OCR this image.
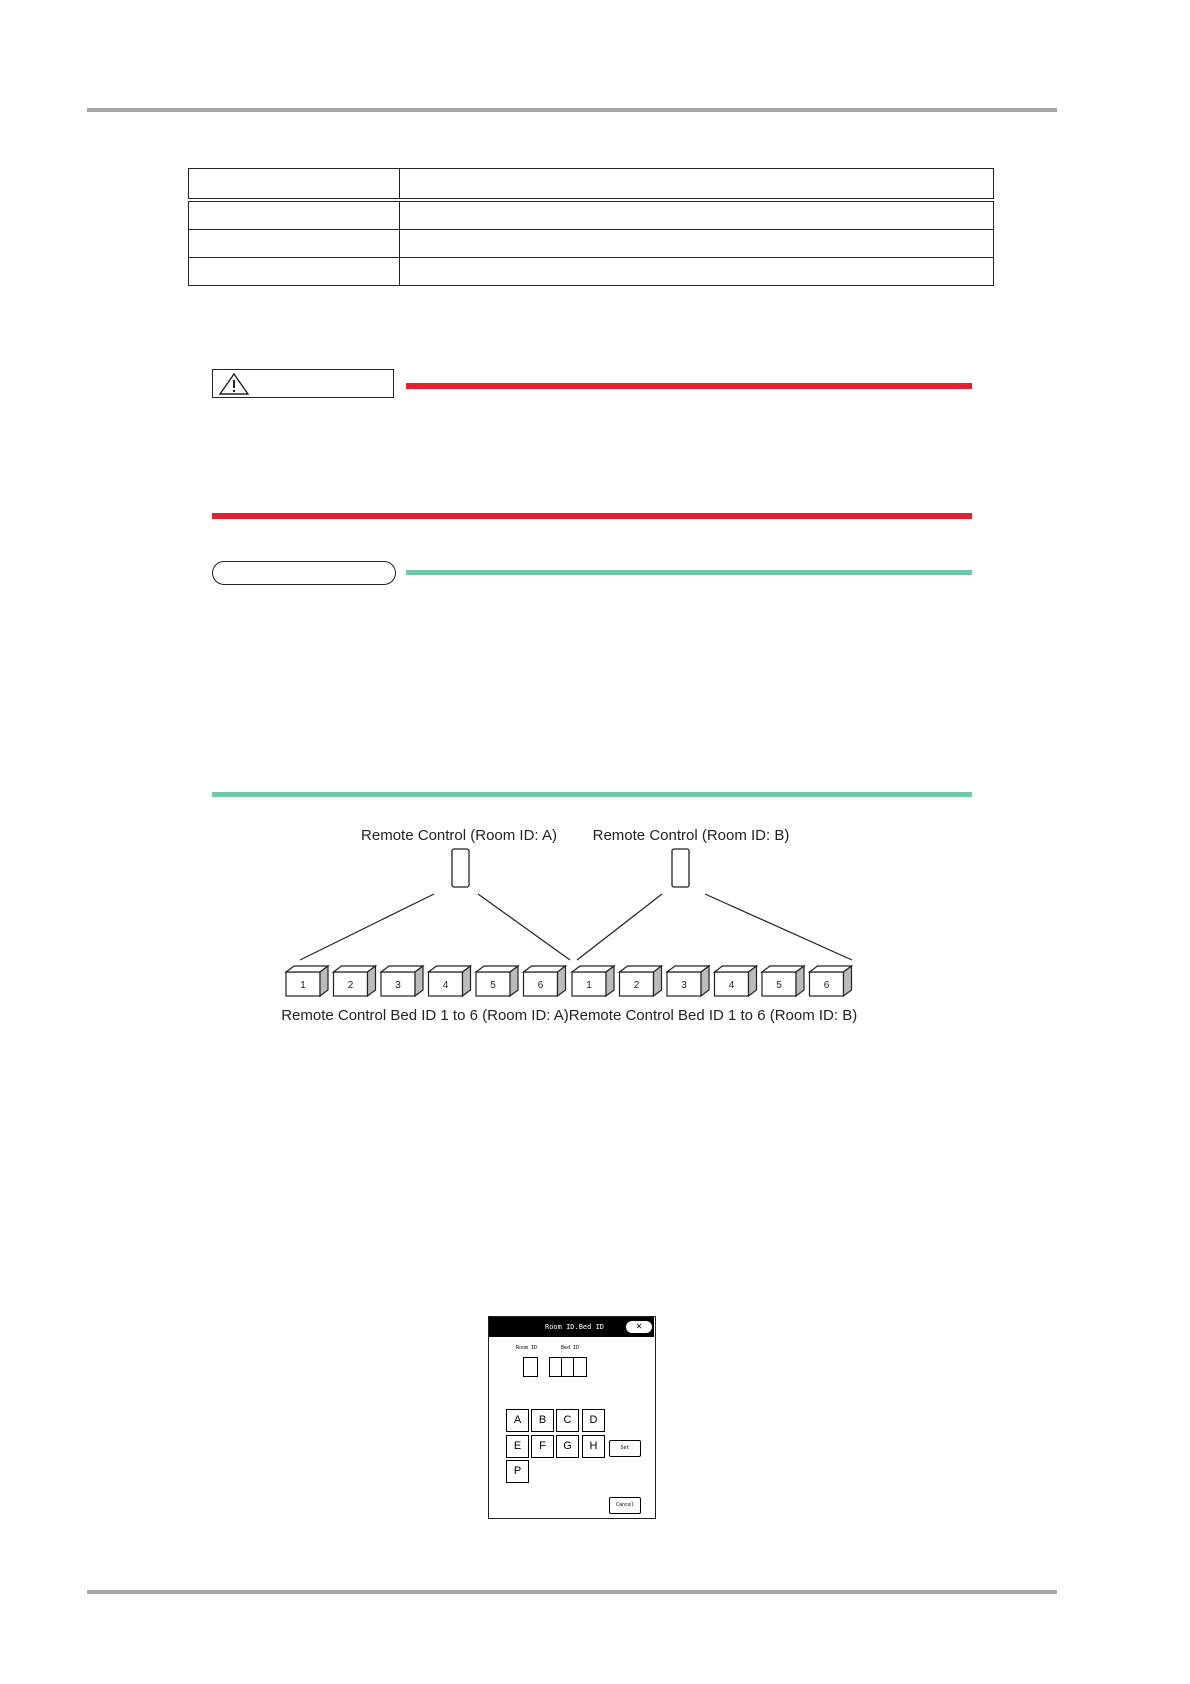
Remote Control (Room ID: A) Remote Control (Room ID: B)
1	2	3	4	5	6	1	2	3	4	5	6
Remote Control Bed ID 1 to 6 (Room ID: A) Remote Control Bed ID 1 to 6 (Room ID: B)
Room ID.Bed ID	✕
Room ID	Bed ID
A	B	C	D
E	F	G	H
P
Set
Cancel
